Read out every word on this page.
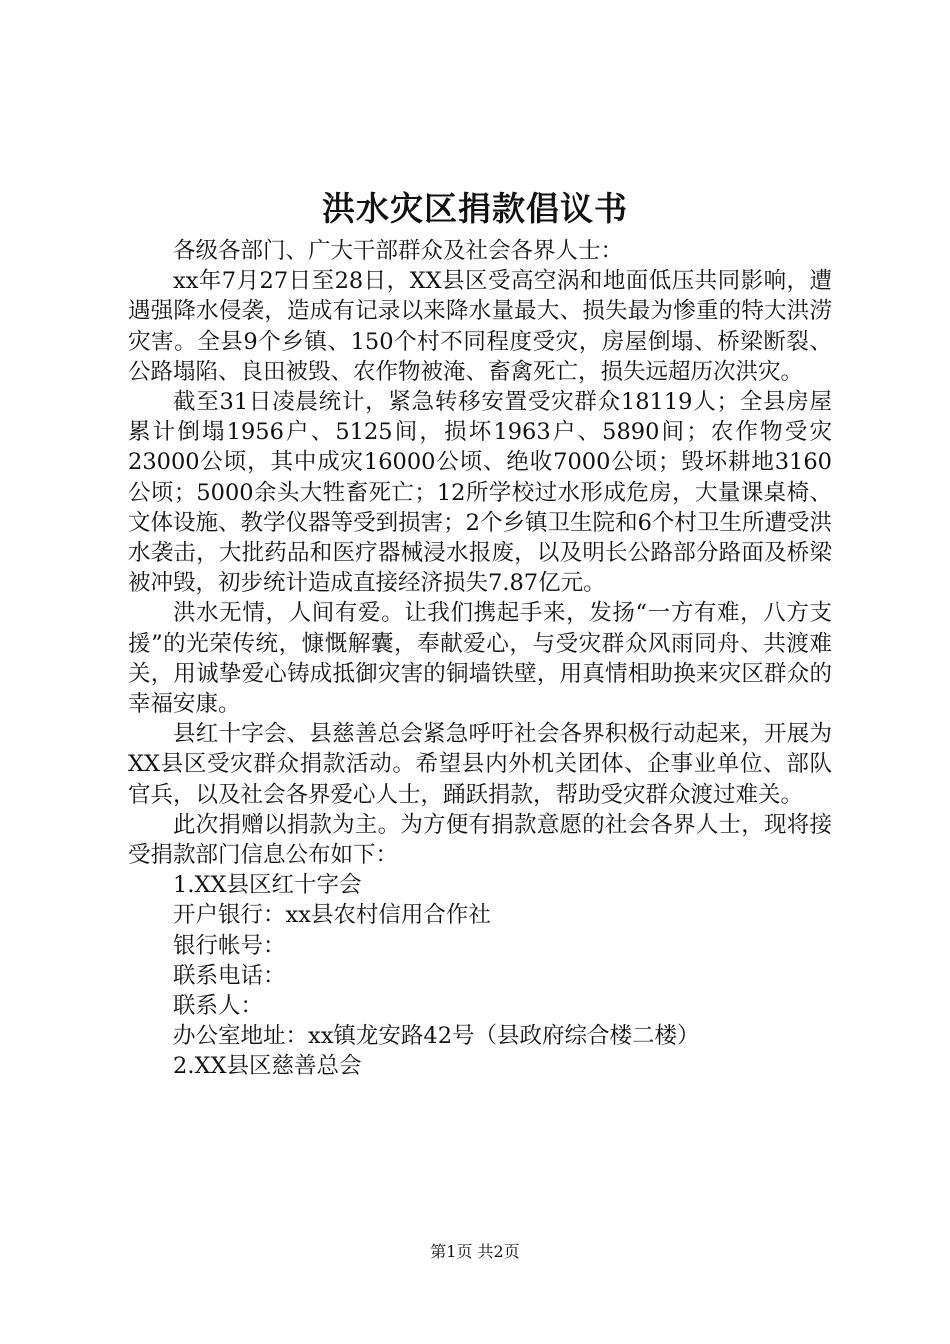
洪水灾区捐款倡议书

各级各部门、广大干部群众及社会各界人士：

xx年7月27日至28日，XX县区受高空涡和地面低压共同影响，遭遇强降水侵袭，造成有记录以来降水量最大、损失最为惨重的特大洪涝灾害。全县9个乡镇、150个村不同程度受灾，房屋倒塌、桥梁断裂、公路塌陷、良田被毁、农作物被淹、畜禽死亡，损失远超历次洪灾。

截至31日凌晨统计，紧急转移安置受灾群众18119人；全县房屋累计倒塌1956户、5125间，损坏1963户、5890间；农作物受灾23000公顷，其中成灾16000公顷、绝收7000公顷；毁坏耕地3160公顷；5000余头大牲畜死亡；12所学校过水形成危房，大量课桌椅、文体设施、教学仪器等受到损害；2个乡镇卫生院和6个村卫生所遭受洪水袭击，大批药品和医疗器械浸水报废，以及明长公路部分路面及桥梁被冲毁，初步统计造成直接经济损失7.87亿元。

洪水无情，人间有爱。让我们携起手来，发扬“一方有难，八方支援”的光荣传统，慷慨解囊，奉献爱心，与受灾群众风雨同舟、共渡难关，用诚挚爱心铸成抵御灾害的铜墙铁壁，用真情相助换来灾区群众的幸福安康。

县红十字会、县慈善总会紧急呼吁社会各界积极行动起来，开展为XX县区受灾群众捐款活动。希望县内外机关团体、企事业单位、部队官兵，以及社会各界爱心人士，踊跃捐款，帮助受灾群众渡过难关。

此次捐赠以捐款为主。为方便有捐款意愿的社会各界人士，现将接受捐款部门信息公布如下：

1.XX县区红十字会
开户银行：xx县农村信用合作社
银行帐号：
联系电话：
联系人：
办公室地址：xx镇龙安路42号（县政府综合楼二楼）
2.XX县区慈善总会
第1页 共2页
